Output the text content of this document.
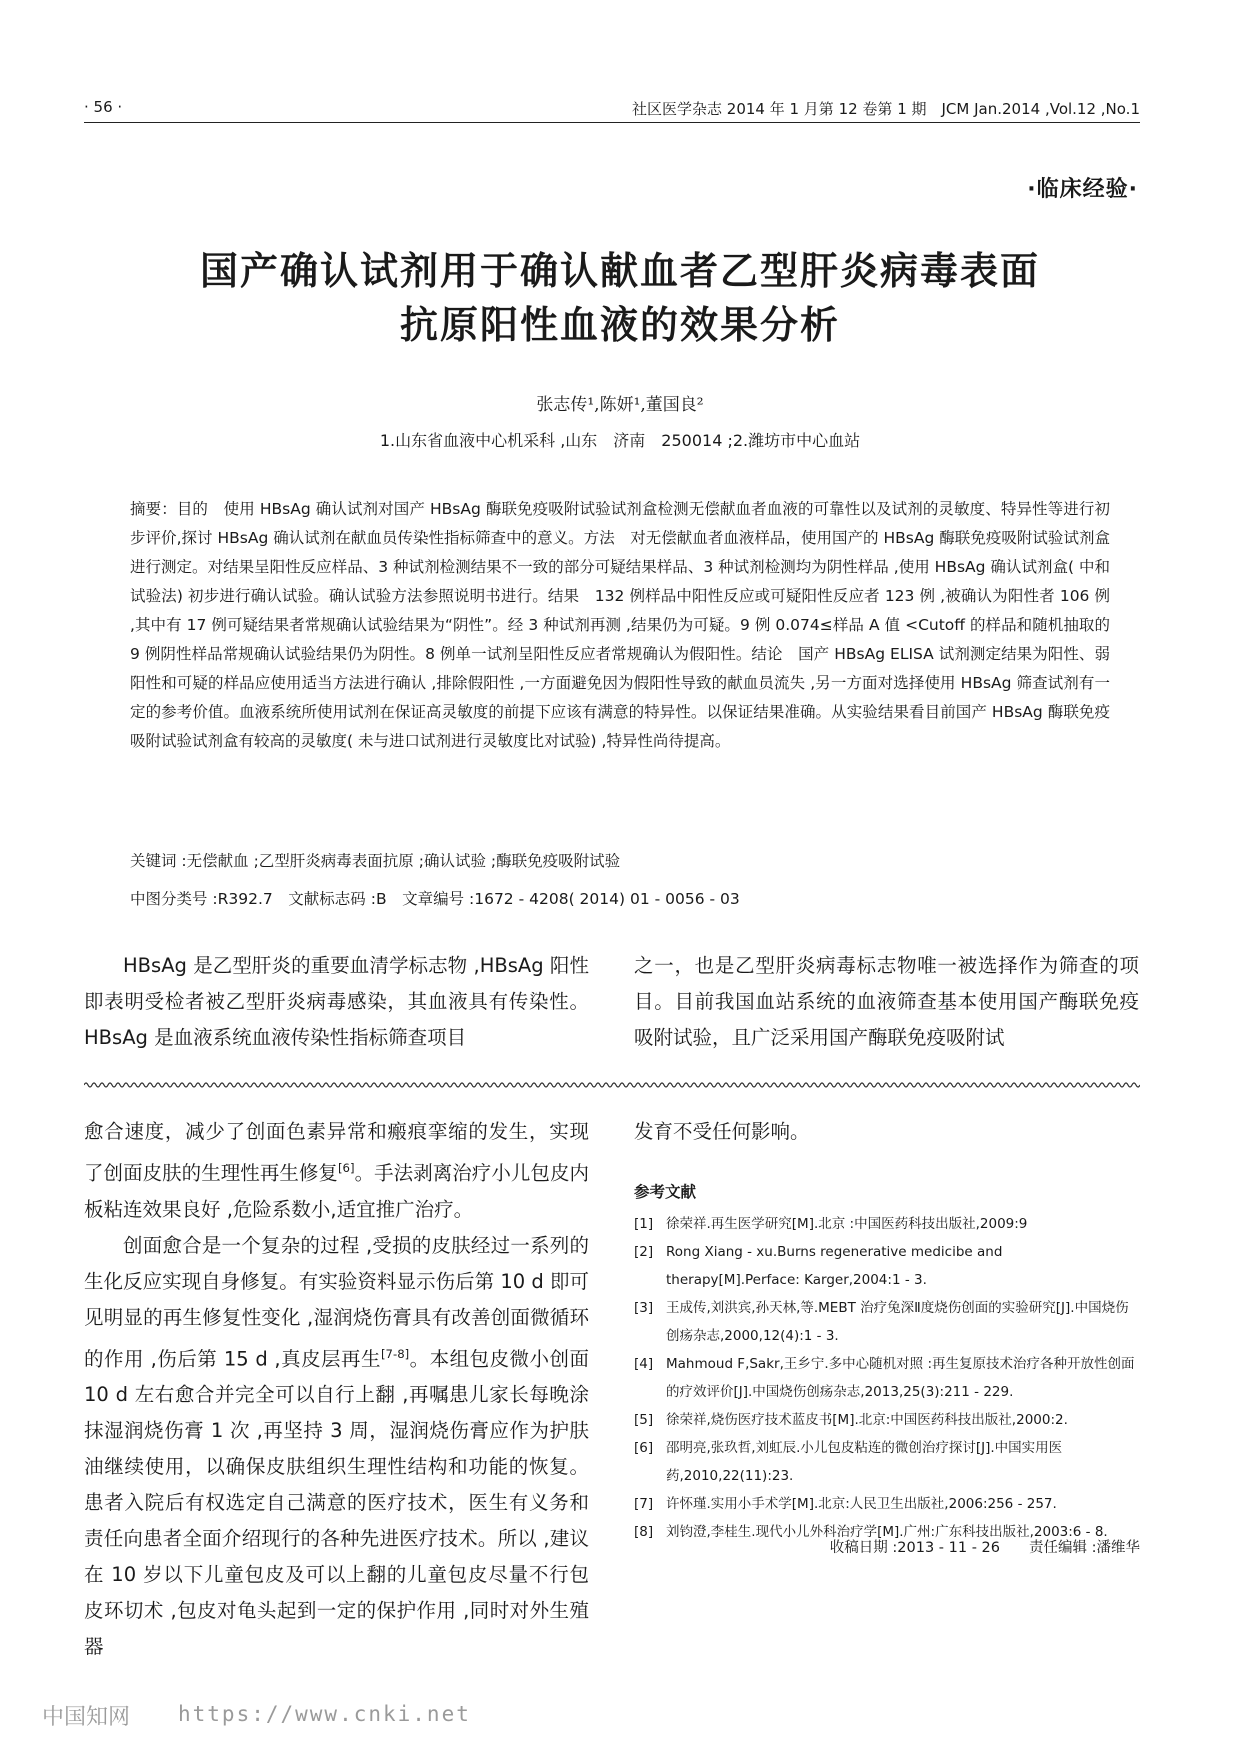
· 56 ·	社区医学杂志 2014 年 1 月第 12 卷第 1 期　JCM Jan.2014 ,Vol.12 ,No.1
·临床经验·
国产确认试剂用于确认献血者乙型肝炎病毒表面
抗原阳性血液的效果分析
张志传¹,陈妍¹,董国良²
1.山东省血液中心机采科 ,山东　济南　250014 ;2.潍坊市中心血站

摘要：目的　使用 HBsAg 确认试剂对国产 HBsAg 酶联免疫吸附试验试剂盒检测无偿献血者血液的可靠性以及试剂的灵敏度、特异性等进行初步评价,探讨 HBsAg 确认试剂在献血员传染性指标筛查中的意义。方法　对无偿献血者血液样品，使用国产的 HBsAg 酶联免疫吸附试验试剂盒进行测定。对结果呈阳性反应样品、3 种试剂检测结果不一致的部分可疑结果样品、3 种试剂检测均为阴性样品 ,使用 HBsAg 确认试剂盒( 中和试验法) 初步进行确认试验。确认试验方法参照说明书进行。结果　132 例样品中阳性反应或可疑阳性反应者 123 例 ,被确认为阳性者 106 例 ,其中有 17 例可疑结果者常规确认试验结果为“阴性”。经 3 种试剂再测 ,结果仍为可疑。9 例 0.074≤样品 A 值 <Cutoff 的样品和随机抽取的 9 例阴性样品常规确认试验结果仍为阴性。8 例单一试剂呈阳性反应者常规确认为假阳性。结论　国产 HBsAg ELISA 试剂测定结果为阳性、弱阳性和可疑的样品应使用适当方法进行确认 ,排除假阳性 ,一方面避免因为假阳性导致的献血员流失 ,另一方面对选择使用 HBsAg 筛查试剂有一定的参考价值。血液系统所使用试剂在保证高灵敏度的前提下应该有满意的特异性。以保证结果准确。从实验结果看目前国产 HBsAg 酶联免疫吸附试验试剂盒有较高的灵敏度( 未与进口试剂进行灵敏度比对试验) ,特异性尚待提高。

关键词 :无偿献血 ;乙型肝炎病毒表面抗原 ;确认试验 ;酶联免疫吸附试验
中图分类号 :R392.7　文献标志码 :B　文章编号 :1672 - 4208( 2014) 01 - 0056 - 03

HBsAg 是乙型肝炎的重要血清学标志物 ,HBsAg 阳性即表明受检者被乙型肝炎病毒感染，其血液具有传染性。HBsAg 是血液系统血液传染性指标筛查项目

之一，也是乙型肝炎病毒标志物唯一被选择作为筛查的项目。目前我国血站系统的血液筛查基本使用国产酶联免疫吸附试验，且广泛采用国产酶联免疫吸附试

愈合速度，减少了创面色素异常和瘢痕挛缩的发生，实现了创面皮肤的生理性再生修复[6]。手法剥离治疗小儿包皮内板粘连效果良好 ,危险系数小,适宜推广治疗。

创面愈合是一个复杂的过程 ,受损的皮肤经过一系列的生化反应实现自身修复。有实验资料显示伤后第 10 d 即可见明显的再生修复性变化 ,湿润烧伤膏具有改善创面微循环的作用 ,伤后第 15 d ,真皮层再生[7-8]。本组包皮微小创面 10 d 左右愈合并完全可以自行上翻 ,再嘱患儿家长每晚涂抹湿润烧伤膏 1 次 ,再坚持 3 周，湿润烧伤膏应作为护肤油继续使用，以确保皮肤组织生理性结构和功能的恢复。患者入院后有权选定自己满意的医疗技术，医生有义务和责任向患者全面介绍现行的各种先进医疗技术。所以 ,建议在 10 岁以下儿童包皮及可以上翻的儿童包皮尽量不行包皮环切术 ,包皮对龟头起到一定的保护作用 ,同时对外生殖器

发育不受任何影响。

参考文献
[1] 徐荣祥.再生医学研究[M].北京 :中国医药科技出版社,2009:9
[2] Rong Xiang - xu.Burns regenerative medicibe and therapy[M].Perface: Karger,2004:1 - 3.
[3] 王成传,刘洪宾,孙天林,等.MEBT 治疗兔深Ⅱ度烧伤创面的实验研究[J].中国烧伤创疡杂志,2000,12(4):1 - 3.
[4] Mahmoud F,Sakr,王乡宁.多中心随机对照 :再生复原技术治疗各种开放性创面的疗效评价[J].中国烧伤创疡杂志,2013,25(3):211 - 229.
[5] 徐荣祥,烧伤医疗技术蓝皮书[M].北京:中国医药科技出版社,2000:2.
[6] 邵明亮,张玖哲,刘虹辰.小儿包皮粘连的微创治疗探讨[J].中国实用医药,2010,22(11):23.
[7] 许怀瑾.实用小手术学[M].北京:人民卫生出版社,2006:256 - 257.
[8] 刘钧澄,李桂生.现代小儿外科治疗学[M].广州:广东科技出版社,2003:6 - 8.
收稿日期 :2013 - 11 - 26　　责任编辑 :潘维华
中国知网 https://www.cnki.net
